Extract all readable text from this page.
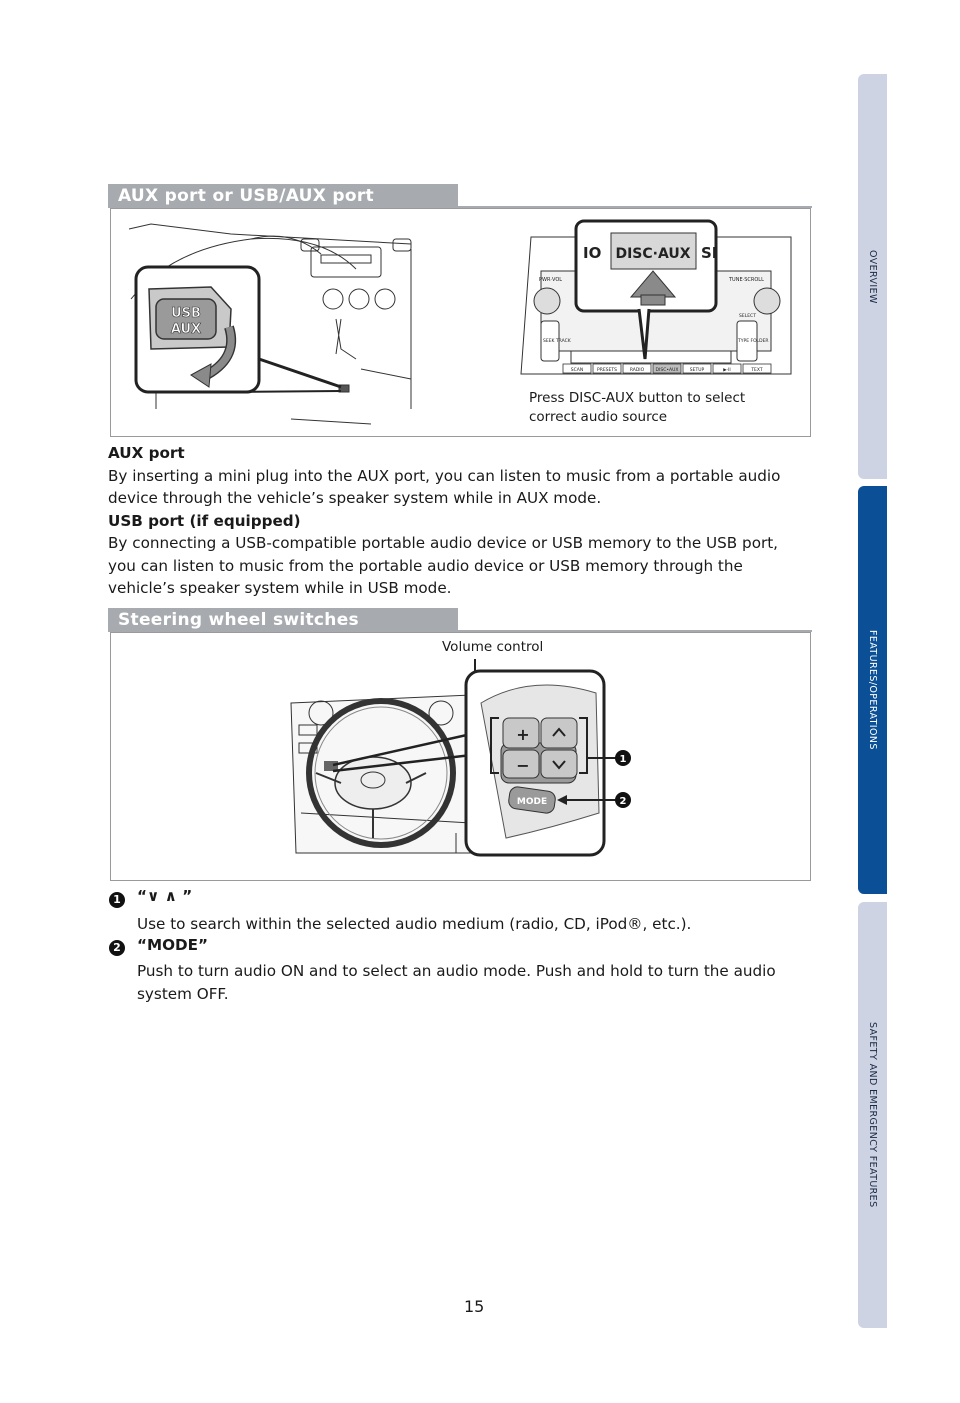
OVERVIEW
FEATURES/OPERATIONS
SAFETY AND EMERGENCY FEATURES
AUX port or USB/AUX port
USB
AUX
PWR·VOL	TUNE·SCROLL
SEEK TRACK
SELECT
TYPE FOLDER
SCAN	PRESETS	RADIO	DISC•AUX	SETUP	▶·II	TEXT
IO DISC·AUX SI
Press DISC-AUX button to select
correct audio source
AUX port
By inserting a mini plug into the AUX port, you can listen to music from a portable audio device through the vehicle’s speaker system while in AUX mode.
USB port (if equipped)
By connecting a USB-compatible portable audio device or USB memory to the USB port, you can listen to music from the portable audio device or USB memory through the vehicle’s speaker system while in USB mode.
Steering wheel switches
Volume control
+
−
MODE
1
2
1 “∨ ∧ ”
Use to search within the selected audio medium (radio, CD, iPod®, etc.).
2 “MODE”
Push to turn audio ON and to select an audio mode. Push and hold to turn the audio system OFF.
15
